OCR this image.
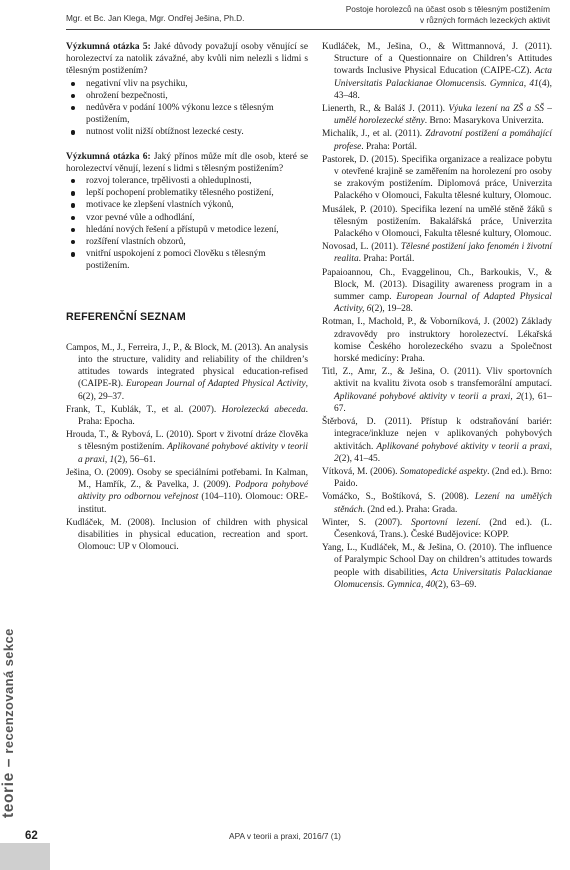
Mgr. et Bc. Jan Klega, Mgr. Ondřej Ješina, Ph.D.
Postoje horolezců na účast osob s tělesným postižením
v různých formách lezeckých aktivit

Výzkumná otázka 5: Jaké důvody považují osoby věnující se horolezectví za natolik závažné, aby kvůli nim nelezli s lidmi s tělesným postižením?

negativní vliv na psychiku,
ohrožení bezpečnosti,
nedůvěra v podání 100% výkonu lezce s tělesným postižením,
nutnost volit nižší obtížnost lezecké cesty.

Výzkumná otázka 6: Jaký přínos může mít dle osob, které se horolezectví věnují, lezení s lidmi s tělesným postižením?

rozvoj tolerance, trpělivosti a ohleduplnosti,
lepší pochopení problematiky tělesného postižení,
motivace ke zlepšení vlastních výkonů,
vzor pevné vůle a odhodlání,
hledání nových řešení a přístupů v metodice lezení,
rozšíření vlastních obzorů,
vnitřní uspokojení z pomoci člověku s tělesným postižením.
REFERENČNÍ SEZNAM

Campos, M., J., Ferreira, J., P., & Block, M. (2013). An analysis into the structure, validity and reliability of the children’s attitudes towards integrated physical education-refised (CAIPE-R). European Journal of Adapted Physical Activity, 6(2), 29–37.

Frank, T., Kublák, T., et al. (2007). Horolezecká abeceda. Praha: Epocha.

Hrouda, T., & Rybová, L. (2010). Sport v životní dráze člověka s tělesným postižením. Aplikované pohybové aktivity v teorii a praxi, 1(2), 56–61.

Ješina, O. (2009). Osoby se speciálními potřebami. In Kalman, M., Hamřík, Z., & Pavelka, J. (2009). Podpora pohybové aktivity pro odbornou veřejnost (104–110). Olomouc: ORE-institut.

Kudláček, M. (2008). Inclusion of children with physical disabilities in physical education, recreation and sport. Olomouc: UP v Olomouci.

Kudláček, M., Ješina, O., & Wittmannová, J. (2011). Structure of a Questionnaire on Children’s Attitudes towards Inclusive Physical Education (CAIPE-CZ). Acta Universitatis Palackianae Olomucensis. Gymnica, 41(4), 43–48.

Lienerth, R., & Baláš J. (2011). Výuka lezení na ZŠ a SŠ – umělé horolezecké stěny. Brno: Masarykova Univerzita.

Michalík, J., et al. (2011). Zdravotní postižení a pomáhající profese. Praha: Portál.

Pastorek, D. (2015). Specifika organizace a realizace pobytu v otevřené krajině se zaměřením na horolezení pro osoby se zrakovým postižením. Diplomová práce, Univerzita Palackého v Olomouci, Fakulta tělesné kultury, Olomouc.

Musálek, P. (2010). Specifika lezení na umělé stěně žáků s tělesným postižením. Bakalářská práce, Univerzita Palackého v Olomouci, Fakulta tělesné kultury, Olomouc.

Novosad, L. (2011). Tělesné postižení jako fenomén i životní realita. Praha: Portál.

Papaioannou, Ch., Evaggelinou, Ch., Barkoukis, V., & Block, M. (2013). Disagility awareness program in a summer camp. European Journal of Adapted Physical Activity, 6(2), 19–28.

Rotman, I., Machold, P., & Voborníková, J. (2002) Základy zdravovědy pro instruktory horolezectví. Lékařská komise Českého horolezeckého svazu a Společnost horské medicíny: Praha.

Titl, Z., Amr, Z., & Ješina, O. (2011). Vliv sportovních aktivit na kvalitu života osob s transfemorální amputací. Aplikované pohybové aktivity v teorii a praxi, 2(1), 61–67.

Štěrbová, D. (2011). Přístup k odstraňování bariér: integrace/inkluze nejen v aplikovaných pohybových aktivitách. Aplikované pohybové aktivity v teorii a praxi, 2(2), 41–45.

Vítková, M. (2006). Somatopedické aspekty. (2nd ed.). Brno: Paido.

Vomáčko, S., Boštíková, S. (2008). Lezení na umělých stěnách. (2nd ed.). Praha: Grada.

Winter, S. (2007). Sportovní lezení. (2nd ed.). (L. Česenková, Trans.). České Budějovice: KOPP.

Yang, L., Kudláček, M., & Ješina, O. (2010). The influence of Paralympic School Day on children’s attitudes towards people with disabilities, Acta Universitatis Palackianae Olomucensis. Gymnica, 40(2), 63–69.

teorie–recenzovaná sekce
62	APA v teorii a praxi, 2016/7 (1)
